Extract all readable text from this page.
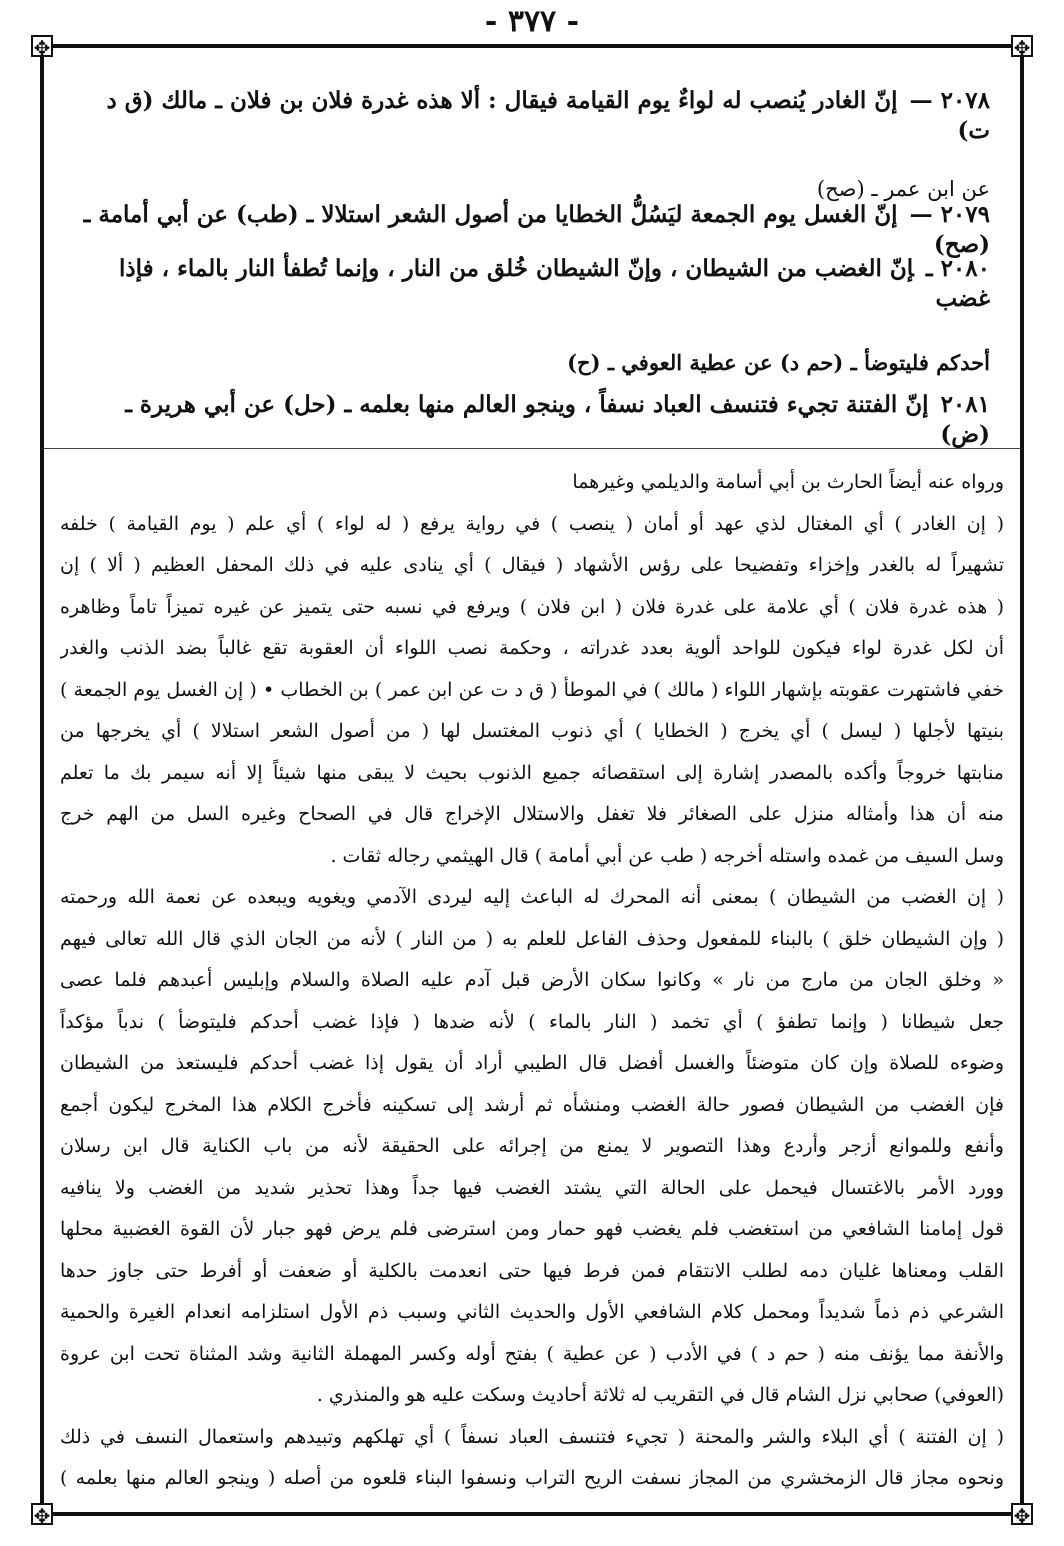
- ٣٧٧ -
✥	✥
✥	✥
٢٠٧٨ —إنّ الغادر يُنصب له لواءٌ يوم القيامة فيقال : ألا هذه غدرة فلان بن فلان ـ مالك (ق د ت)
عن ابن عمر ـ (صح)
٢٠٧٩ —إنّ الغسل يوم الجمعة ليَسُلُّ الخطايا من أصول الشعر استلالا ـ (طب) عن أبي أمامة ـ (صح)
٢٠٨٠ ـإنّ الغضب من الشيطان ، وإنّ الشيطان خُلق من النار ، وإنما تُطفأ النار بالماء ، فإذا غضب
أحدكم فليتوضأ ـ (حم د) عن عطية العوفي ـ (ح)
٢٠٨١إنّ الفتنة تجيء فتنسف العباد نسفاً ، وينجو العالم منها بعلمه ـ (حل) عن أبي هريرة ـ (ض)
ورواه عنه أيضاً الحارث بن أبي أسامة والديلمي وغيرهما
( إن الغادر ) أي المغتال لذي عهد أو أمان ( ينصب ) في رواية يرفع ( له لواء ) أي علم ( يوم القيامة ) خلفه
تشهيراً له بالغدر وإخزاء وتفضيحا على رؤس الأشهاد ( فيقال ) أي ينادى عليه في ذلك المحفل العظيم ( ألا ) إن
( هذه غدرة فلان ) أي علامة على غدرة فلان ( ابن فلان ) ويرفع في نسبه حتى يتميز عن غيره تميزاً تاماً وظاهره
أن لكل غدرة لواء فيكون للواحد ألوية بعدد غدراته ، وحكمة نصب اللواء أن العقوبة تقع غالباً بضد الذنب والغدر
خفي فاشتهرت عقوبته بإشهار اللواء ( مالك ) في الموطأ ( ق د ت عن ابن عمر ) بن الخطاب • ( إن الغسل يوم الجمعة )
بنيتها لأجلها ( ليسل ) أي يخرج ( الخطايا ) أي ذنوب المغتسل لها ( من أصول الشعر استلالا ) أي يخرجها من
منابتها خروجاً وأكده بالمصدر إشارة إلى استقصائه جميع الذنوب بحيث لا يبقى منها شيئاً إلا أنه سيمر بك ما تعلم
منه أن هذا وأمثاله منزل على الصغائر فلا تغفل والاستلال الإخراج قال في الصحاح وغيره السل من الهم خرج
وسل السيف من غمده واستله أخرجه ( طب عن أبي أمامة ) قال الهيثمي رجاله ثقات .
( إن الغضب من الشيطان ) بمعنى أنه المحرك له الباعث إليه ليردى الآدمي ويغويه ويبعده عن نعمة الله ورحمته
( وإن الشيطان خلق ) بالبناء للمفعول وحذف الفاعل للعلم به ( من النار ) لأنه من الجان الذي قال الله تعالى فيهم
« وخلق الجان من مارج من نار » وكانوا سكان الأرض قبل آدم عليه الصلاة والسلام وإبليس أعبدهم فلما عصى
جعل شيطانا ( وإنما تطفؤ ) أي تخمد ( النار بالماء ) لأنه ضدها ( فإذا غضب أحدكم فليتوضأ ) ندباً مؤكداً
وضوءه للصلاة وإن كان متوضئاً والغسل أفضل قال الطيبي أراد أن يقول إذا غضب أحدكم فليستعذ من الشيطان
فإن الغضب من الشيطان فصور حالة الغضب ومنشأه ثم أرشد إلى تسكينه فأخرج الكلام هذا المخرج ليكون أجمع
وأنفع وللموانع أزجر وأردع وهذا التصوير لا يمنع من إجرائه على الحقيقة لأنه من باب الكناية قال ابن رسلان
وورد الأمر بالاغتسال فيحمل على الحالة التي يشتد الغضب فيها جداً وهذا تحذير شديد من الغضب ولا ينافيه
قول إمامنا الشافعي من استغضب فلم يغضب فهو حمار ومن استرضى فلم يرض فهو جبار لأن القوة الغضبية محلها
القلب ومعناها غليان دمه لطلب الانتقام فمن فرط فيها حتى انعدمت بالكلية أو ضعفت أو أفرط حتى جاوز حدها
الشرعي ذم ذماً شديداً ومحمل كلام الشافعي الأول والحديث الثاني وسبب ذم الأول استلزامه انعدام الغيرة والحمية
والأنفة مما يؤنف منه ( حم د ) في الأدب ( عن عطية ) بفتح أوله وكسر المهملة الثانية وشد المثناة تحت ابن عروة
(العوفي) صحابي نزل الشام قال في التقريب له ثلاثة أحاديث وسكت عليه هو والمنذري .
( إن الفتنة ) أي البلاء والشر والمحنة ( تجيء فتنسف العباد نسفاً ) أي تهلكهم وتبيدهم واستعمال النسف في ذلك
ونحوه مجاز قال الزمخشري من المجاز نسفت الريح التراب ونسفوا البناء قلعوه من أصله ( وينجو العالم منها بعلمه )
